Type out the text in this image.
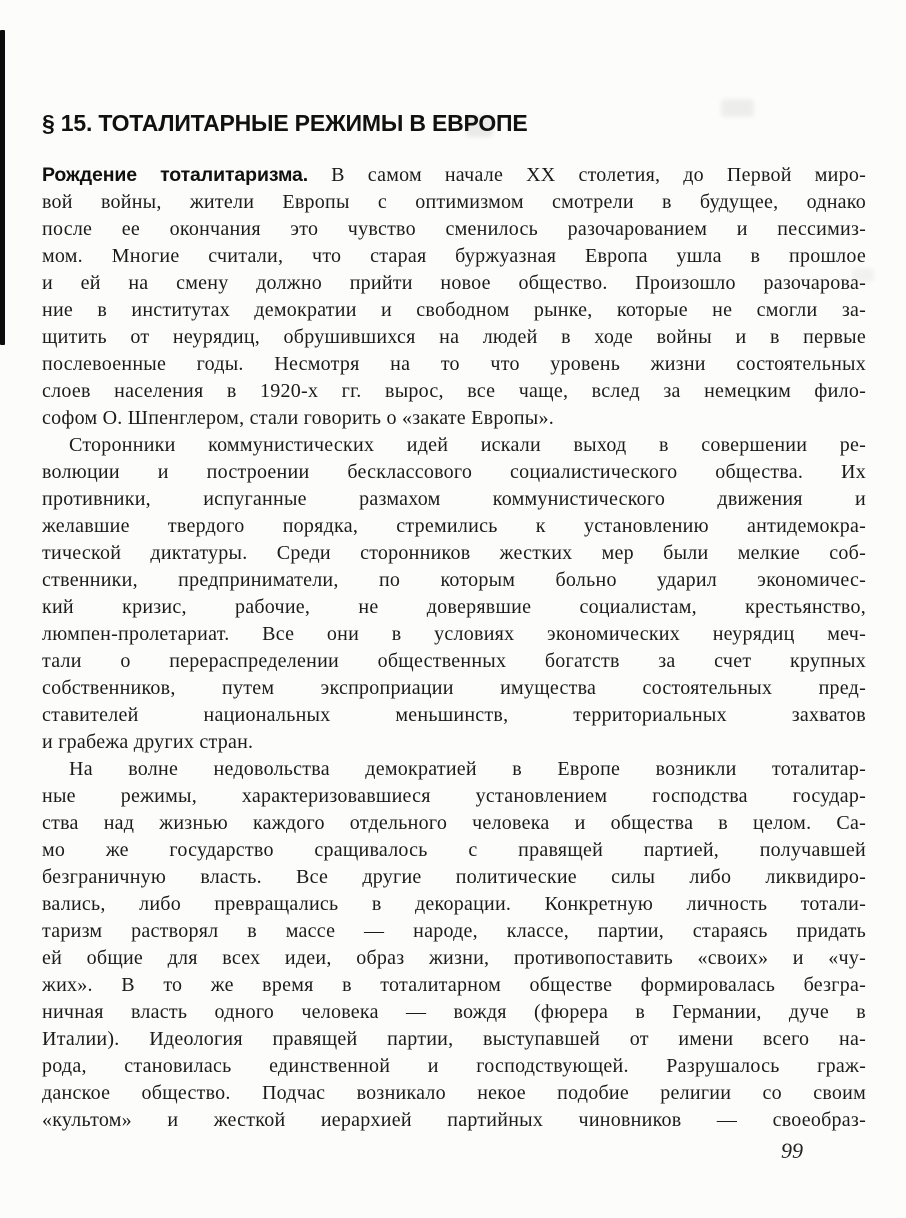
§ 15. ТОТАЛИТАРНЫЕ РЕЖИМЫ В ЕВРОПЕ
Рождение тоталитаризма. В самом начале XX столетия, до Первой миро-
вой войны, жители Европы с оптимизмом смотрели в будущее, однако
после ее окончания это чувство сменилось разочарованием и пессимиз-
мом. Многие считали, что старая буржуазная Европа ушла в прошлое
и ей на смену должно прийти новое общество. Произошло разочарова-
ние в институтах демократии и свободном рынке, которые не смогли за-
щитить от неурядиц, обрушившихся на людей в ходе войны и в первые
послевоенные годы. Несмотря на то что уровень жизни состоятельных
слоев населения в 1920-х гг. вырос, все чаще, вслед за немецким фило-
софом О. Шпенглером, стали говорить о «закате Европы».
Сторонники коммунистических идей искали выход в совершении ре-
волюции и построении бесклассового социалистического общества. Их
противники, испуганные размахом коммунистического движения и
желавшие твердого порядка, стремились к установлению антидемокра-
тической диктатуры. Среди сторонников жестких мер были мелкие соб-
ственники, предприниматели, по которым больно ударил экономичес-
кий кризис, рабочие, не доверявшие социалистам, крестьянство,
люмпен-пролетариат. Все они в условиях экономических неурядиц меч-
тали о перераспределении общественных богатств за счет крупных
собственников, путем экспроприации имущества состоятельных пред-
ставителей национальных меньшинств, территориальных захватов
и грабежа других стран.
На волне недовольства демократией в Европе возникли тоталитар-
ные режимы, характеризовавшиеся установлением господства государ-
ства над жизнью каждого отдельного человека и общества в целом. Са-
мо же государство сращивалось с правящей партией, получавшей
безграничную власть. Все другие политические силы либо ликвидиро-
вались, либо превращались в декорации. Конкретную личность тотали-
таризм растворял в массе — народе, классе, партии, стараясь придать
ей общие для всех идеи, образ жизни, противопоставить «своих» и «чу-
жих». В то же время в тоталитарном обществе формировалась безгра-
ничная власть одного человека — вождя (фюрера в Германии, дуче в
Италии). Идеология правящей партии, выступавшей от имени всего на-
рода, становилась единственной и господствующей. Разрушалось граж-
данское общество. Подчас возникало некое подобие религии со своим
«культом» и жесткой иерархией партийных чиновников — своеобраз-
99
